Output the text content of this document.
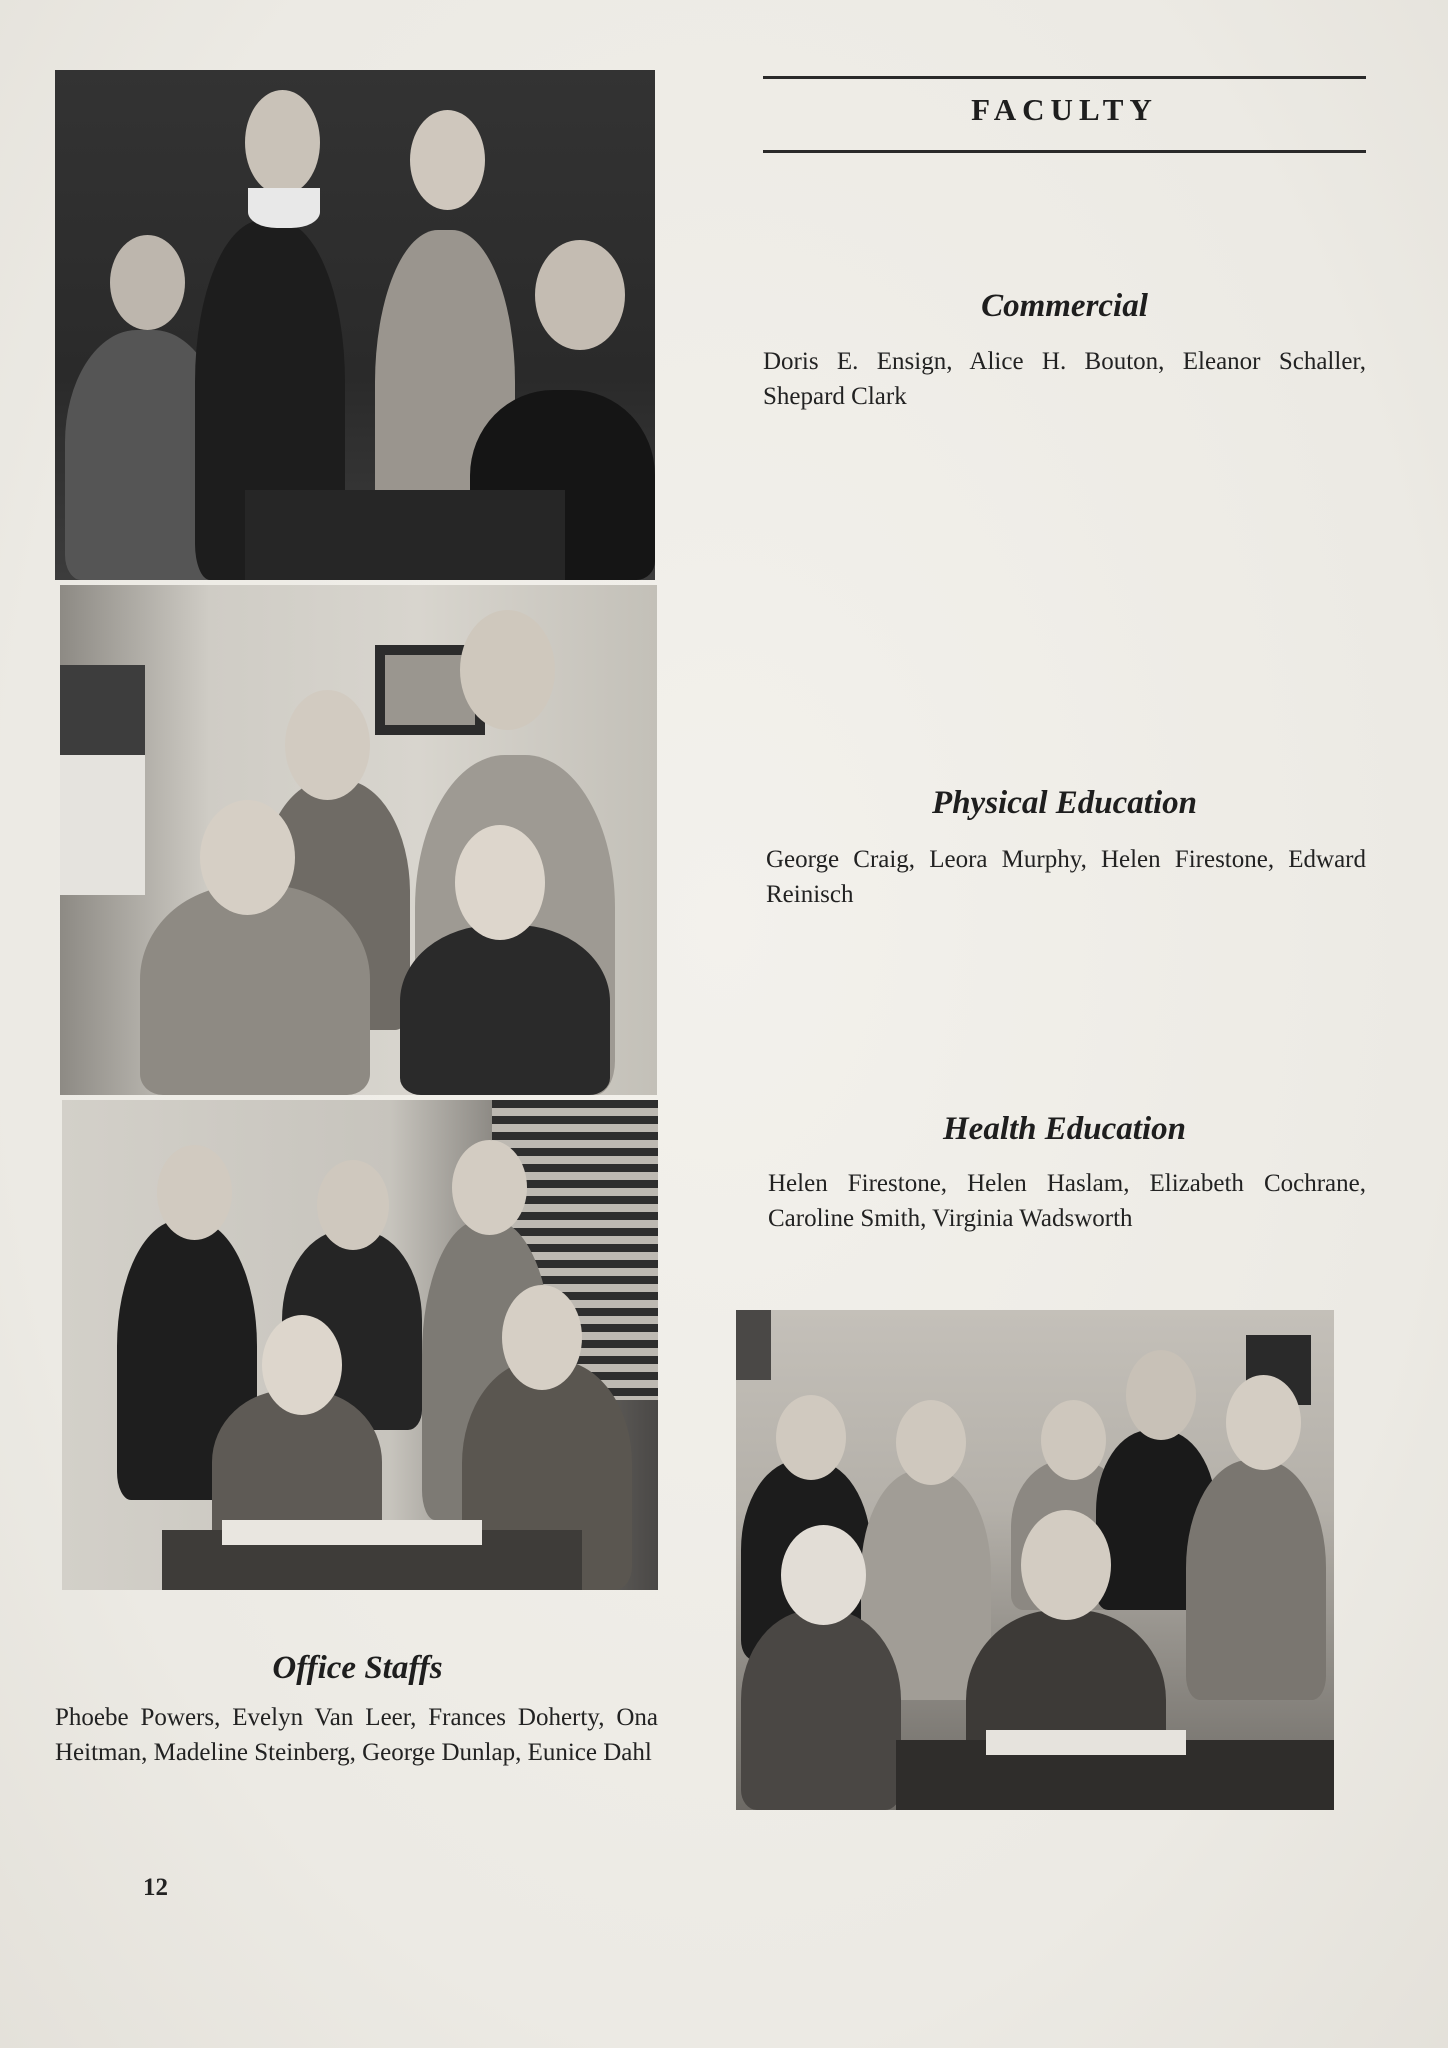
FACULTY
Commercial
Doris E. Ensign, Alice H. Bouton, Eleanor Schaller, Shepard Clark
Physical Education
George Craig, Leora Murphy, Helen Firestone, Edward Reinisch
Health Education
Helen Firestone, Helen Haslam, Elizabeth Cochrane, Caroline Smith, Virginia Wadsworth
Office Staffs
Phoebe Powers, Evelyn Van Leer, Frances Doherty, Ona Heitman, Madeline Steinberg, George Dunlap, Eunice Dahl
12
